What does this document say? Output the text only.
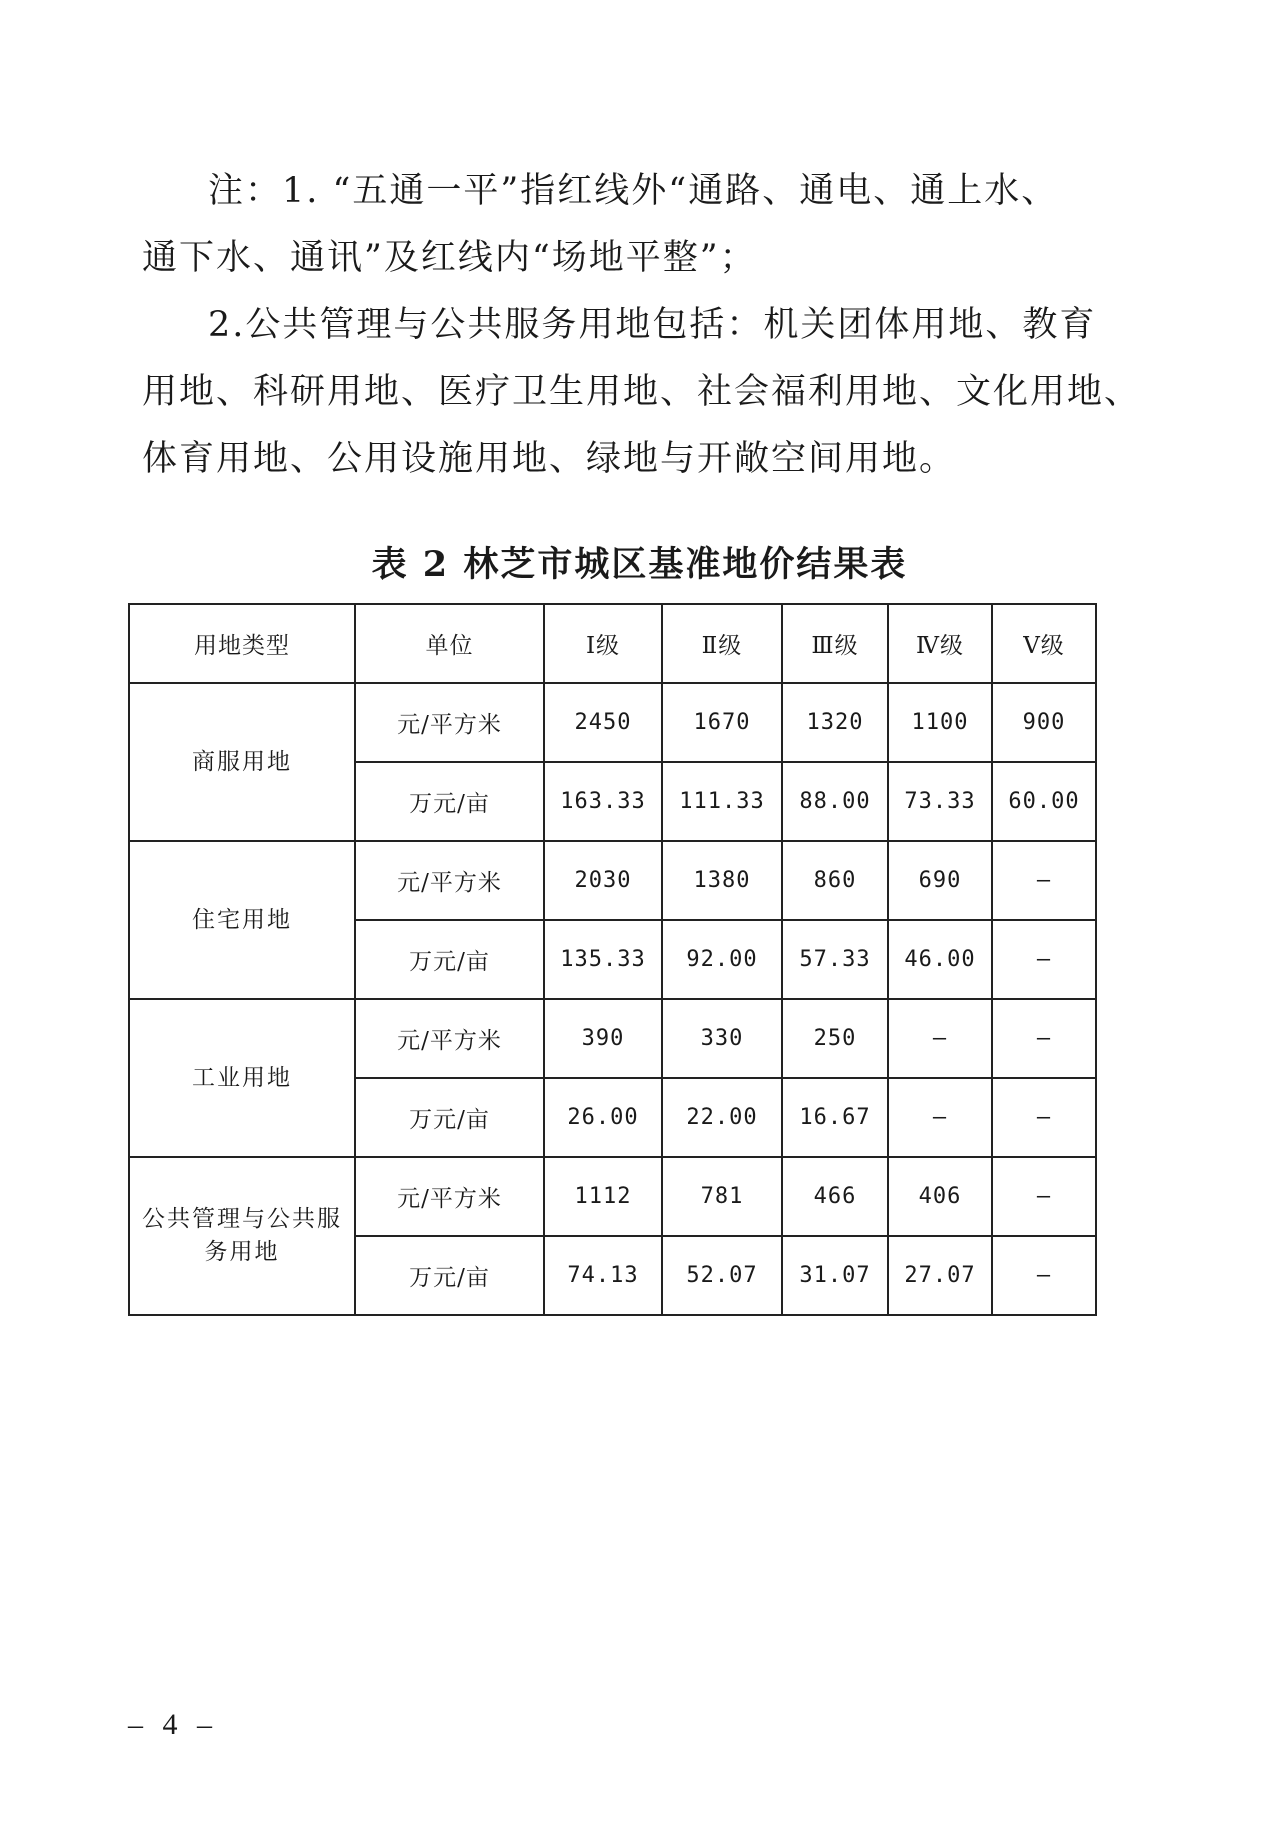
注：1. “五通一平”指红线外“通路、通电、通上水、
通下水、通讯”及红线内“场地平整”；
2.公共管理与公共服务用地包括：机关团体用地、教育
用地、科研用地、医疗卫生用地、社会福利用地、文化用地、
体育用地、公用设施用地、绿地与开敞空间用地。
表 2 林芝市城区基准地价结果表
用地类型	单位	Ⅰ级	Ⅱ级	Ⅲ级	Ⅳ级	Ⅴ级
商服用地	元/平方米	2450	1670	1320	1100	900
	万元/亩	163.33	111.33	88.00	73.33	60.00
住宅用地	元/平方米	2030	1380	860	690	—
	万元/亩	135.33	92.00	57.33	46.00	—
工业用地	元/平方米	390	330	250	—	—
	万元/亩	26.00	22.00	16.67	—	—
公共管理与公共服
务用地	元/平方米	1112	781	466	406	—
	万元/亩	74.13	52.07	31.07	27.07	—
– 4 –
